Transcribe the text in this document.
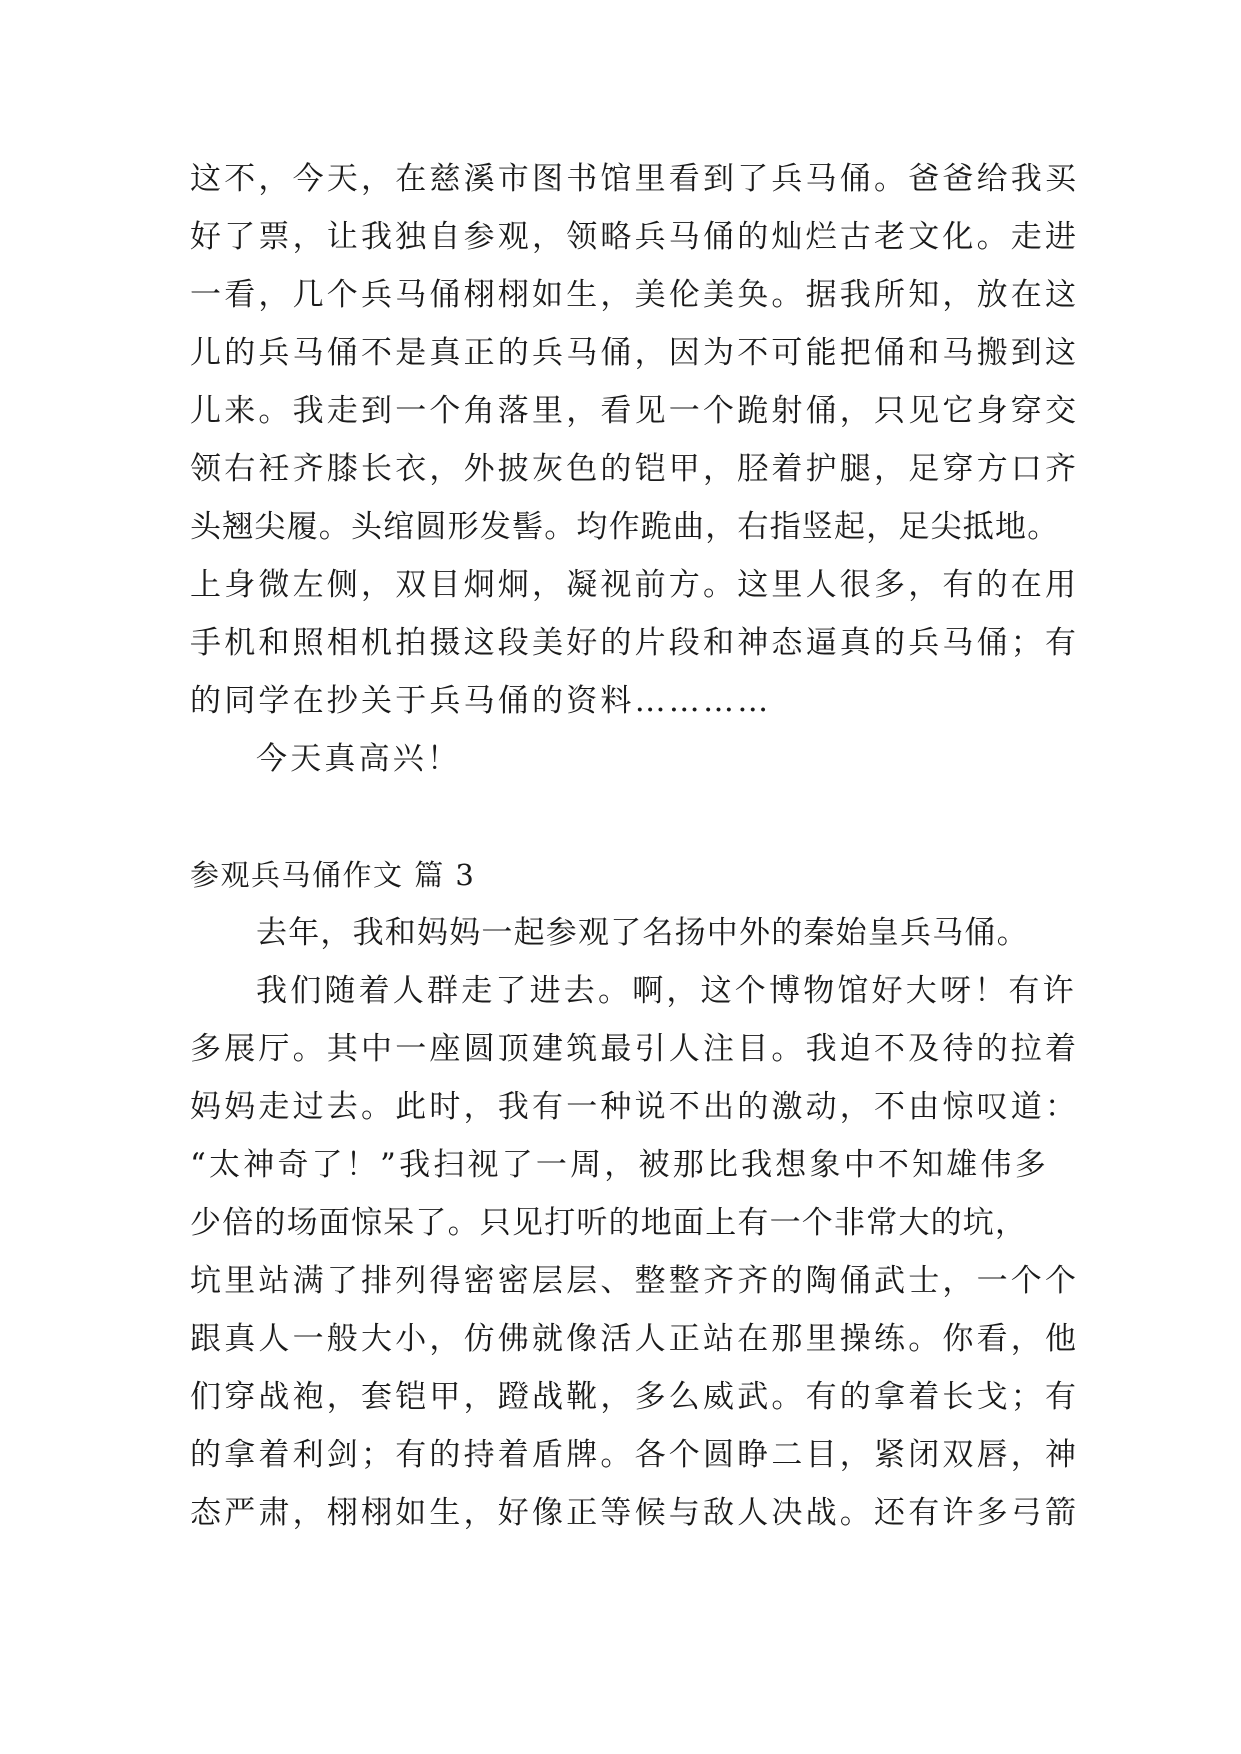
这不，今天，在慈溪市图书馆里看到了兵马俑。爸爸给我买
好了票，让我独自参观，领略兵马俑的灿烂古老文化。走进
一看，几个兵马俑栩栩如生，美伦美奂。据我所知，放在这
儿的兵马俑不是真正的兵马俑，因为不可能把俑和马搬到这
儿来。我走到一个角落里，看见一个跪射俑，只见它身穿交
领右衽齐膝长衣，外披灰色的铠甲，胫着护腿，足穿方口齐
头翘尖履。头绾圆形发髻。均作跪曲，右指竖起，足尖抵地。
上身微左侧，双目炯炯，凝视前方。这里人很多，有的在用
手机和照相机拍摄这段美好的片段和神态逼真的兵马俑；有
的同学在抄关于兵马俑的资料…………
今天真高兴！
参观兵马俑作文 篇 3
去年，我和妈妈一起参观了名扬中外的秦始皇兵马俑。
我们随着人群走了进去。啊，这个博物馆好大呀！有许
多展厅。其中一座圆顶建筑最引人注目。我迫不及待的拉着
妈妈走过去。此时，我有一种说不出的激动，不由惊叹道：
“太神奇了！”我扫视了一周，被那比我想象中不知雄伟多
少倍的场面惊呆了。只见打听的地面上有一个非常大的坑，
坑里站满了排列得密密层层、整整齐齐的陶俑武士，一个个
跟真人一般大小，仿佛就像活人正站在那里操练。你看，他
们穿战袍，套铠甲，蹬战靴，多么威武。有的拿着长戈；有
的拿着利剑；有的持着盾牌。各个圆睁二目，紧闭双唇，神
态严肃，栩栩如生，好像正等候与敌人决战。还有许多弓箭
